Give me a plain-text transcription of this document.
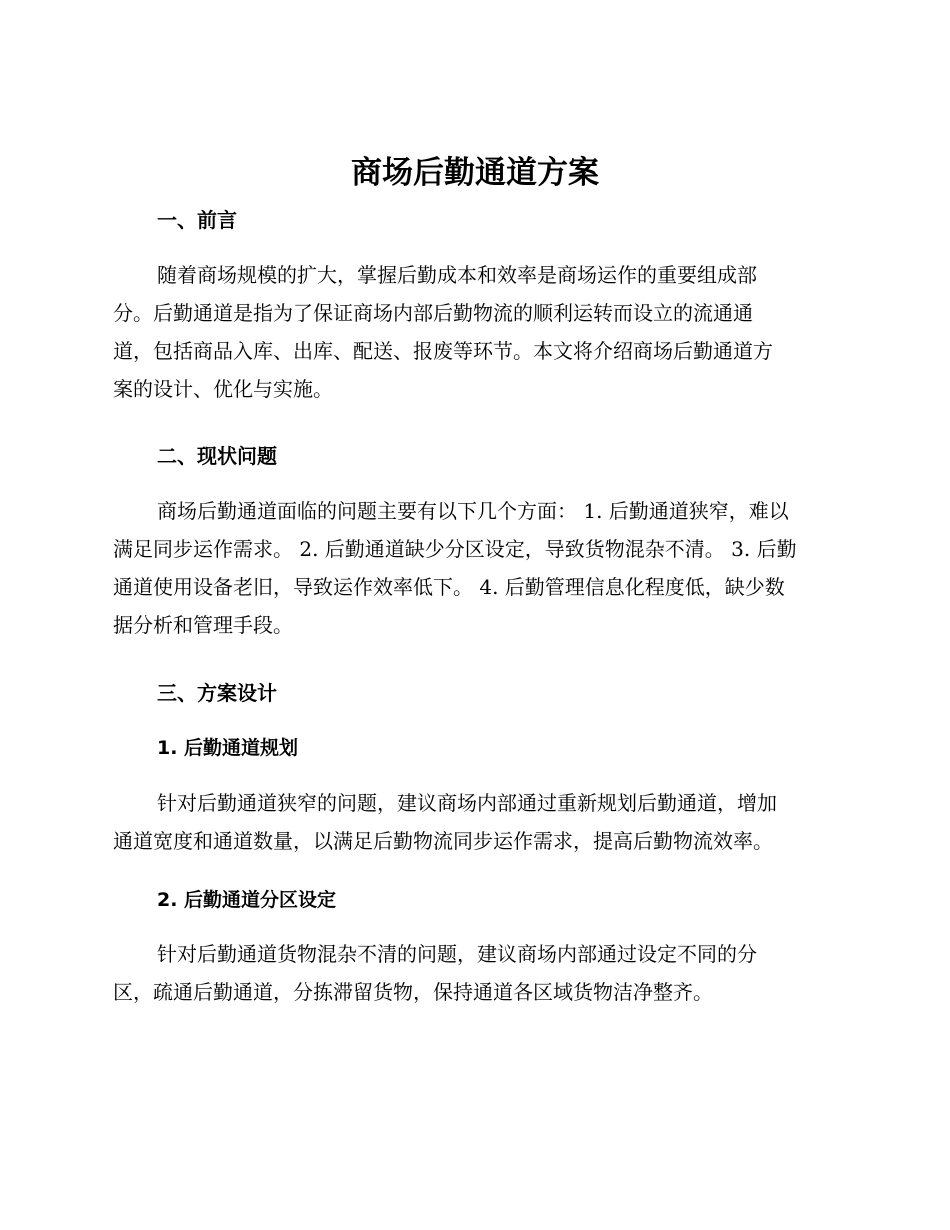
商场后勤通道方案
一、前言

随着商场规模的扩大，掌握后勤成本和效率是商场运作的重要组成部
分。后勤通道是指为了保证商场内部后勤物流的顺利运转而设立的流通通
道，包括商品入库、出库、配送、报废等环节。本文将介绍商场后勤通道方
案的设计、优化与实施。

二、现状问题

商场后勤通道面临的问题主要有以下几个方面： 1. 后勤通道狭窄，难以
满足同步运作需求。 2. 后勤通道缺少分区设定，导致货物混杂不清。 3. 后勤
通道使用设备老旧，导致运作效率低下。 4. 后勤管理信息化程度低，缺少数
据分析和管理手段。

三、方案设计
1. 后勤通道规划

针对后勤通道狭窄的问题，建议商场内部通过重新规划后勤通道，增加
通道宽度和通道数量，以满足后勤物流同步运作需求，提高后勤物流效率。

2. 后勤通道分区设定

针对后勤通道货物混杂不清的问题，建议商场内部通过设定不同的分
区，疏通后勤通道，分拣滞留货物，保持通道各区域货物洁净整齐。
